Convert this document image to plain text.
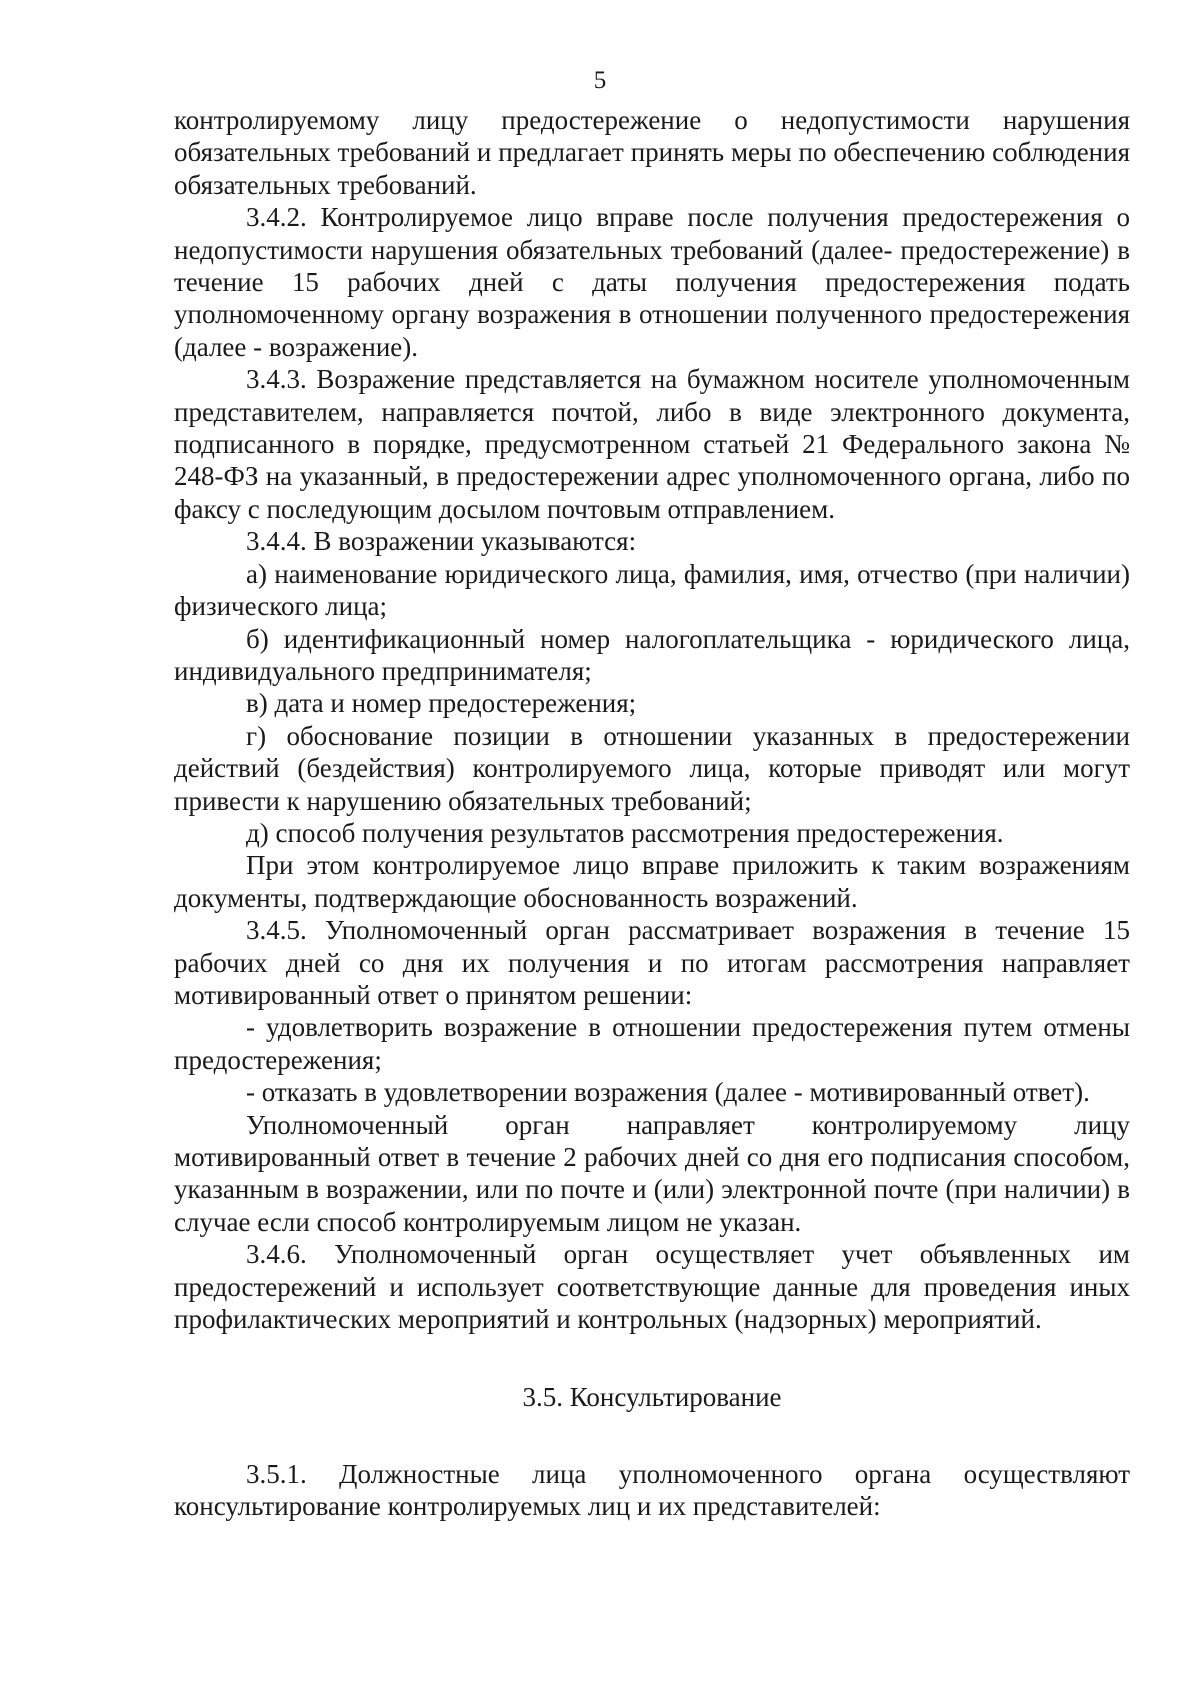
5

контролируемому лицу предостережение о недопустимости нарушения обязательных требований и предлагает принять меры по обеспечению соблюдения обязательных требований.

3.4.2. Контролируемое лицо вправе после получения предостережения о недопустимости нарушения обязательных требований (далее- предостережение) в течение 15 рабочих дней с даты получения предостережения подать уполномоченному органу возражения в отношении полученного предостережения (далее - возражение).

3.4.3. Возражение представляется на бумажном носителе уполномоченным представителем, направляется почтой, либо в виде электронного документа, подписанного в порядке, предусмотренном статьей 21 Федерального закона № 248-ФЗ на указанный, в предостережении адрес уполномоченного органа, либо по факсу с последующим досылом почтовым отправлением.

3.4.4. В возражении указываются:

а) наименование юридического лица, фамилия, имя, отчество (при наличии) физического лица;

б) идентификационный номер налогоплательщика - юридического лица, индивидуального предпринимателя;

в) дата и номер предостережения;

г) обоснование позиции в отношении указанных в предостережении действий (бездействия) контролируемого лица, которые приводят или могут привести к нарушению обязательных требований;

д) способ получения результатов рассмотрения предостережения.

При этом контролируемое лицо вправе приложить к таким возражениям документы, подтверждающие обоснованность возражений.

3.4.5. Уполномоченный орган рассматривает возражения в течение 15 рабочих дней со дня их получения и по итогам рассмотрения направляет мотивированный ответ о принятом решении:

- удовлетворить возражение в отношении предостережения путем отмены предостережения;

- отказать в удовлетворении возражения (далее - мотивированный ответ).

Уполномоченный орган направляет контролируемому лицу мотивированный ответ в течение 2 рабочих дней со дня его подписания способом, указанным в возражении, или по почте и (или) электронной почте (при наличии) в случае если способ контролируемым лицом не указан.

3.4.6. Уполномоченный орган осуществляет учет объявленных им предостережений и использует соответствующие данные для проведения иных профилактических мероприятий и контрольных (надзорных) мероприятий.

3.5. Консультирование

3.5.1. Должностные лица уполномоченного органа осуществляют консультирование контролируемых лиц и их представителей:
